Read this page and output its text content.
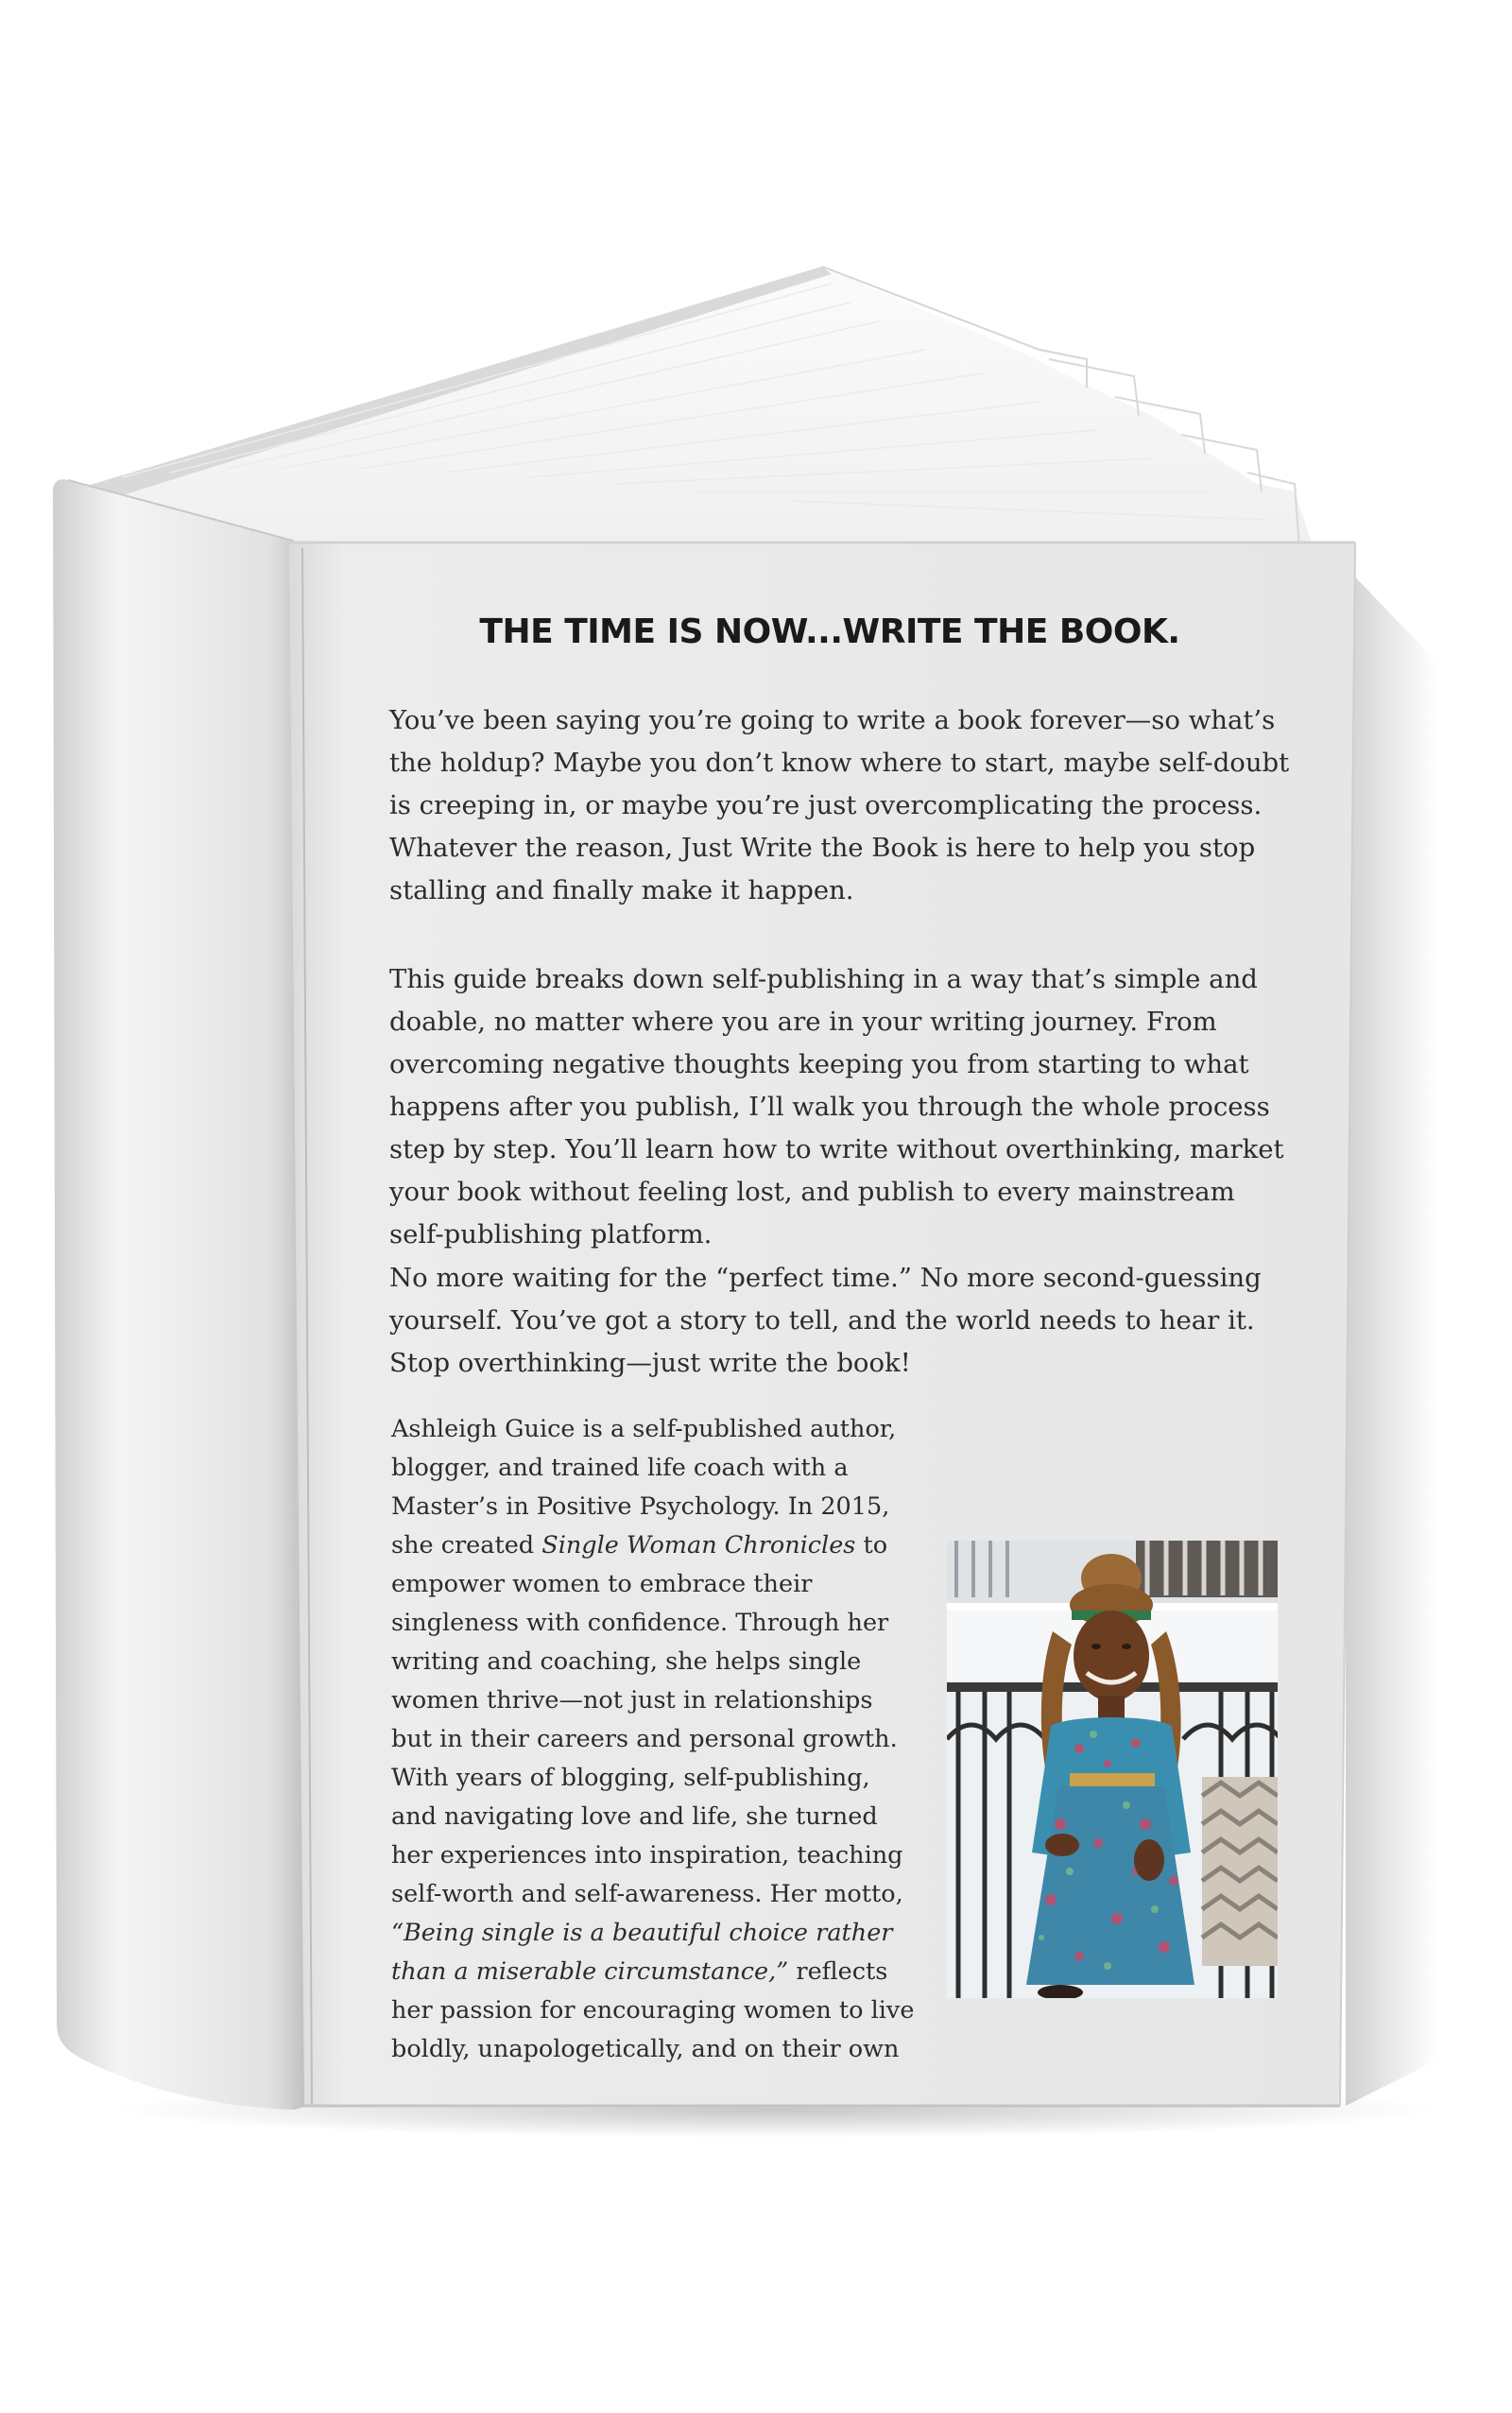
THE TIME IS NOW...WRITE THE BOOK.

You’ve been saying you’re going to write a book forever—so what’s the holdup? Maybe you don’t know where to start, maybe self-doubt is creeping in, or maybe you’re just overcomplicating the process. Whatever the reason, Just Write the Book is here to help you stop stalling and finally make it happen.

This guide breaks down self-publishing in a way that’s simple and doable, no matter where you are in your writing journey. From overcoming negative thoughts keeping you from starting to what happens after you publish, I’ll walk you through the whole process step by step. You’ll learn how to write without overthinking, market your book without feeling lost, and publish to every mainstream self-publishing platform.

No more waiting for the “perfect time.” No more second-guessing yourself. You’ve got a story to tell, and the world needs to hear it. Stop overthinking—just write the book!

Ashleigh Guice is a self-published author, blogger, and trained life coach with a Master’s in Positive Psychology. In 2015, she created Single Woman Chronicles to empower women to embrace their singleness with confidence. Through her writing and coaching, she helps single women thrive—not just in relationships but in their careers and personal growth. With years of blogging, self-publishing, and navigating love and life, she turned her experiences into inspiration, teaching self-worth and self-awareness. Her motto, “Being single is a beautiful choice rather than a miserable circumstance,” reflects her passion for encouraging women to live boldly, unapologetically, and on their own
